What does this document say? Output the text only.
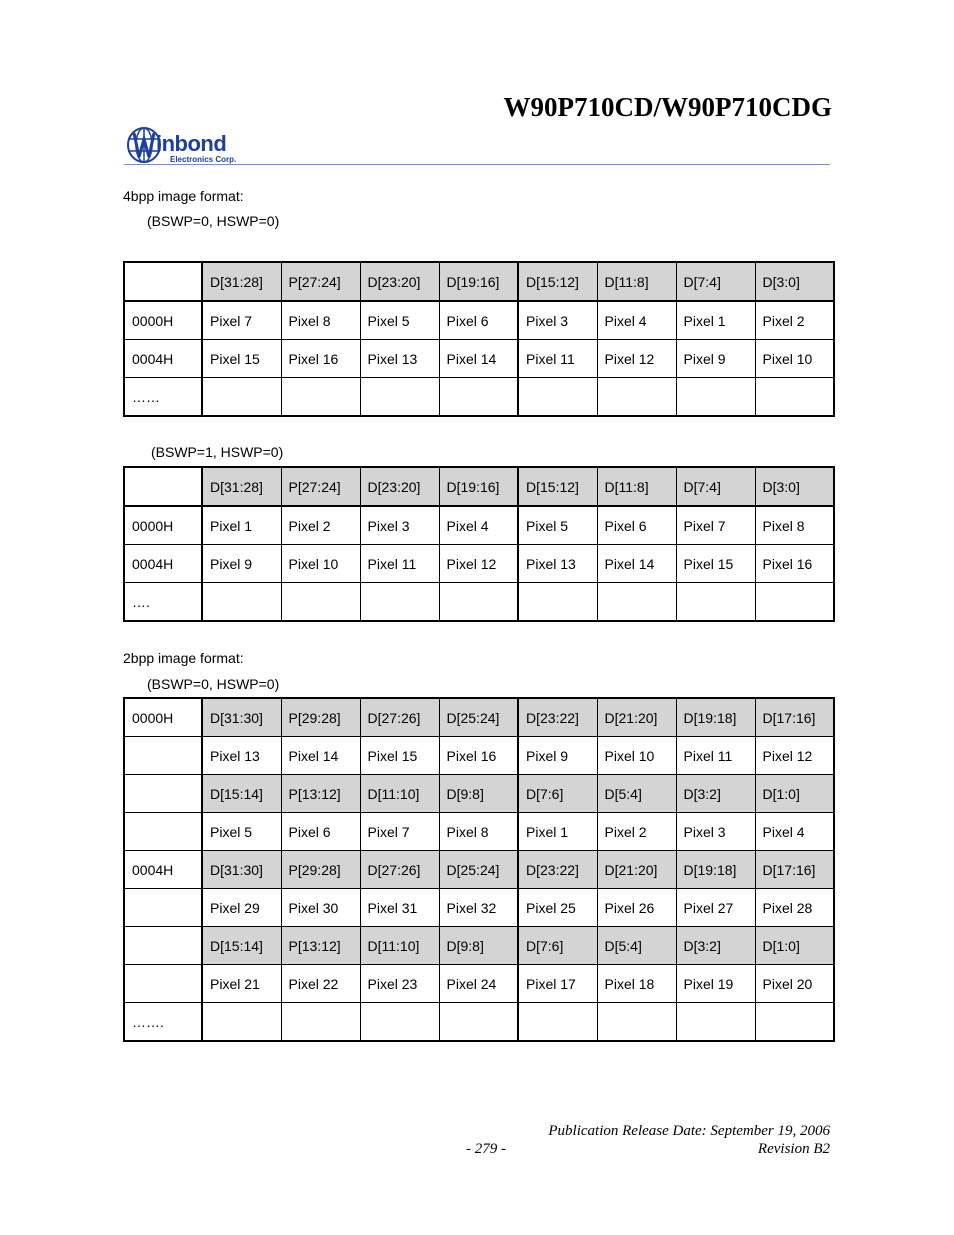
W90P710CD/W90P710CDG
inbond
Electronics Corp.
4bpp image format:
(BSWP=0, HSWP=0)
	D[31:28]	P[27:24]	D[23:20]	D[19:16]	D[15:12]	D[11:8]	D[7:4]	D[3:0]
0000H	Pixel 7	Pixel 8	Pixel 5	Pixel 6	Pixel 3	Pixel 4	Pixel 1	Pixel 2
0004H	Pixel 15	Pixel 16	Pixel 13	Pixel 14	Pixel 11	Pixel 12	Pixel 9	Pixel 10
……								
(BSWP=1, HSWP=0)
	D[31:28]	P[27:24]	D[23:20]	D[19:16]	D[15:12]	D[11:8]	D[7:4]	D[3:0]
0000H	Pixel 1	Pixel 2	Pixel 3	Pixel 4	Pixel 5	Pixel 6	Pixel 7	Pixel 8
0004H	Pixel 9	Pixel 10	Pixel 11	Pixel 12	Pixel 13	Pixel 14	Pixel 15	Pixel 16
….								
2bpp image format:
(BSWP=0, HSWP=0)
0000H	D[31:30]	P[29:28]	D[27:26]	D[25:24]	D[23:22]	D[21:20]	D[19:18]	D[17:16]
	Pixel 13	Pixel 14	Pixel 15	Pixel 16	Pixel 9	Pixel 10	Pixel 11	Pixel 12
	D[15:14]	P[13:12]	D[11:10]	D[9:8]	D[7:6]	D[5:4]	D[3:2]	D[1:0]
	Pixel 5	Pixel 6	Pixel 7	Pixel 8	Pixel 1	Pixel 2	Pixel 3	Pixel 4
0004H	D[31:30]	P[29:28]	D[27:26]	D[25:24]	D[23:22]	D[21:20]	D[19:18]	D[17:16]
	Pixel 29	Pixel 30	Pixel 31	Pixel 32	Pixel 25	Pixel 26	Pixel 27	Pixel 28
	D[15:14]	P[13:12]	D[11:10]	D[9:8]	D[7:6]	D[5:4]	D[3:2]	D[1:0]
	Pixel 21	Pixel 22	Pixel 23	Pixel 24	Pixel 17	Pixel 18	Pixel 19	Pixel 20
…….								
Publication Release Date: September 19, 2006
- 279 -	Revision B2
